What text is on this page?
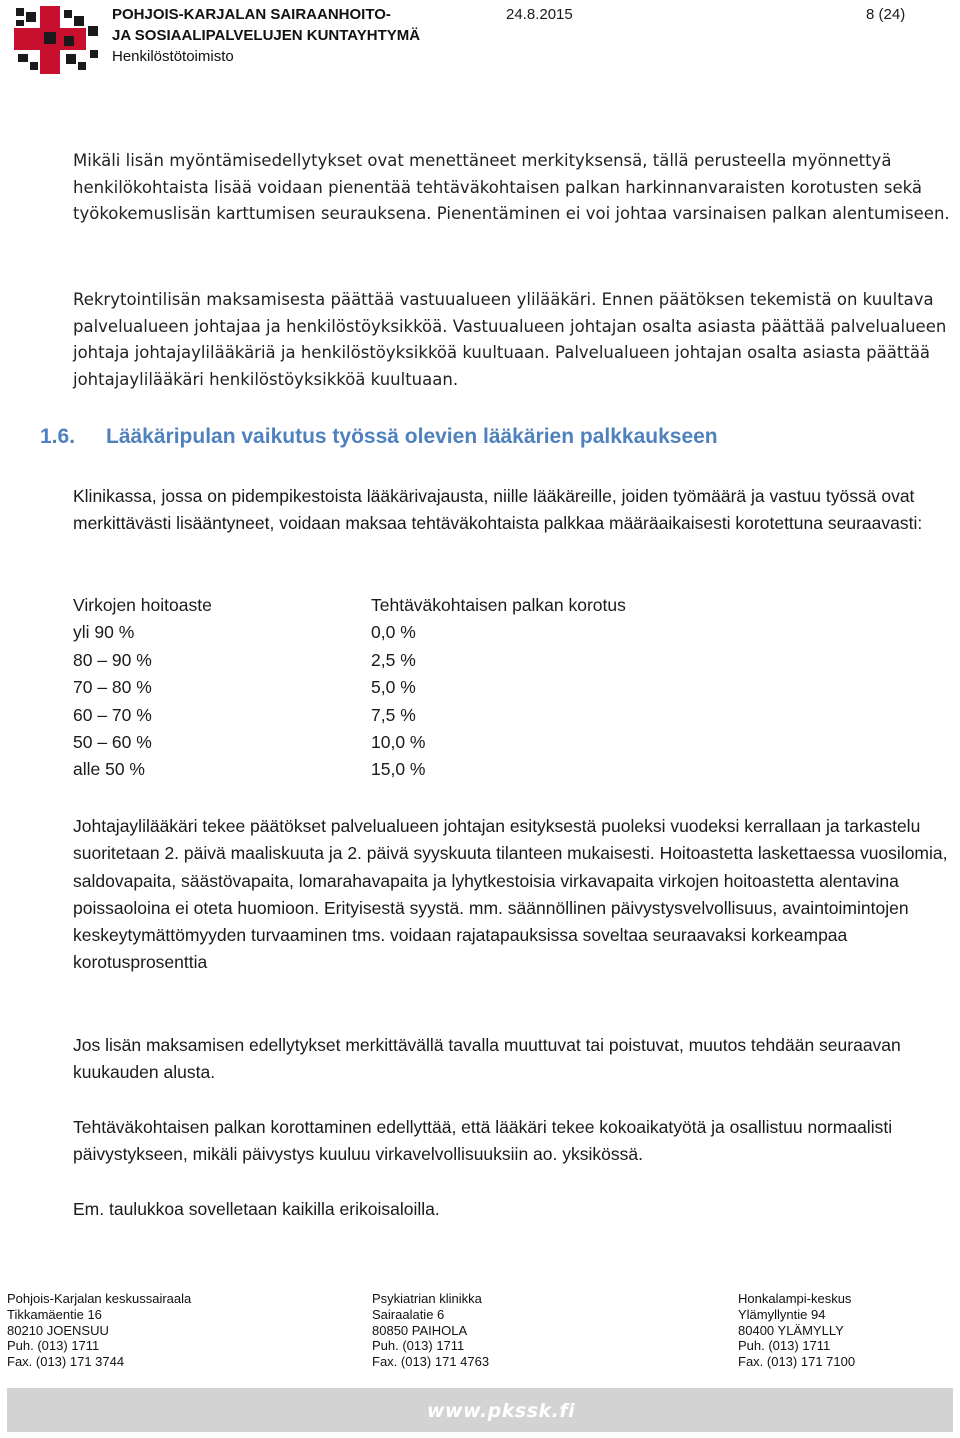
POHJOIS-KARJALAN SAIRAANHOITO-
JA SOSIAALIPALVELUJEN KUNTAYHTYMÄ
Henkilöstötoimisto
24.8.2015	8 (24)

Mikäli lisän myöntämisedellytykset ovat menettäneet merkityksensä, tällä perusteella myönnettyä henkilökohtaista lisää voidaan pienentää tehtäväkohtaisen palkan harkinnanvaraisten korotusten sekä työkokemuslisän karttumisen seurauksena. Pienentäminen ei voi johtaa varsinaisen palkan alentumiseen.

Rekrytointilisän maksamisesta päättää vastuualueen ylilääkäri. Ennen päätöksen tekemistä on kuultava palvelualueen johtajaa ja henkilöstöyksikköä. Vastuualueen johtajan osalta asiasta päättää palvelualueen johtaja johtajaylilääkäriä ja henkilöstöyksikköä kuultuaan. Palvelualueen johtajan osalta asiasta päättää johtajaylilääkäri henkilöstöyksikköä kuultuaan.

1.6. Lääkäripulan vaikutus työssä olevien lääkärien palkkaukseen

Klinikassa, jossa on pidempikestoista lääkärivajausta, niille lääkäreille, joiden työmäärä ja vastuu työssä ovat merkittävästi lisääntyneet, voidaan maksaa tehtäväkohtaista palkkaa määräaikaisesti korotettuna seuraavasti:

Virkojen hoitoaste	Tehtäväkohtaisen palkan korotus
yli 90 %	0,0 %
80 – 90 %	2,5 %
70 – 80 %	5,0 %
60 – 70 %	7,5 %
50 – 60 %	10,0 %
alle 50 %	15,0 %

Johtajaylilääkäri tekee päätökset palvelualueen johtajan esityksestä puoleksi vuodeksi kerrallaan ja tarkastelu suoritetaan 2. päivä maaliskuuta ja 2. päivä syyskuuta tilanteen mukaisesti. Hoitoastetta laskettaessa vuosilomia, saldovapaita, säästövapaita, lomarahavapaita ja lyhytkestoisia virkavapaita virkojen hoitoastetta alentavina poissaoloina ei oteta huomioon. Erityisestä syystä. mm. säännöllinen päivystysvelvollisuus, avaintoimintojen keskeytymättömyyden turvaaminen tms. voidaan rajatapauksissa soveltaa seuraavaksi korkeampaa korotusprosenttia

Jos lisän maksamisen edellytykset merkittävällä tavalla muuttuvat tai poistuvat, muutos tehdään seuraavan kuukauden alusta.

Tehtäväkohtaisen palkan korottaminen edellyttää, että lääkäri tekee kokoaikatyötä ja osallistuu normaalisti päivystykseen, mikäli päivystys kuuluu virkavelvollisuuksiin ao. yksikössä.

Em. taulukkoa sovelletaan kaikilla erikoisaloilla.

Pohjois-Karjalan keskussairaala
Tikkamäentie 16
80210 JOENSUU
Puh. (013) 1711
Fax. (013) 171 3744
Psykiatrian klinikka
Sairaalatie 6
80850 PAIHOLA
Puh. (013) 1711
Fax. (013) 171 4763
Honkalampi-keskus
Ylämyllyntie 94
80400 YLÄMYLLY
Puh. (013) 1711
Fax. (013) 171 7100
www.pkssk.fi
